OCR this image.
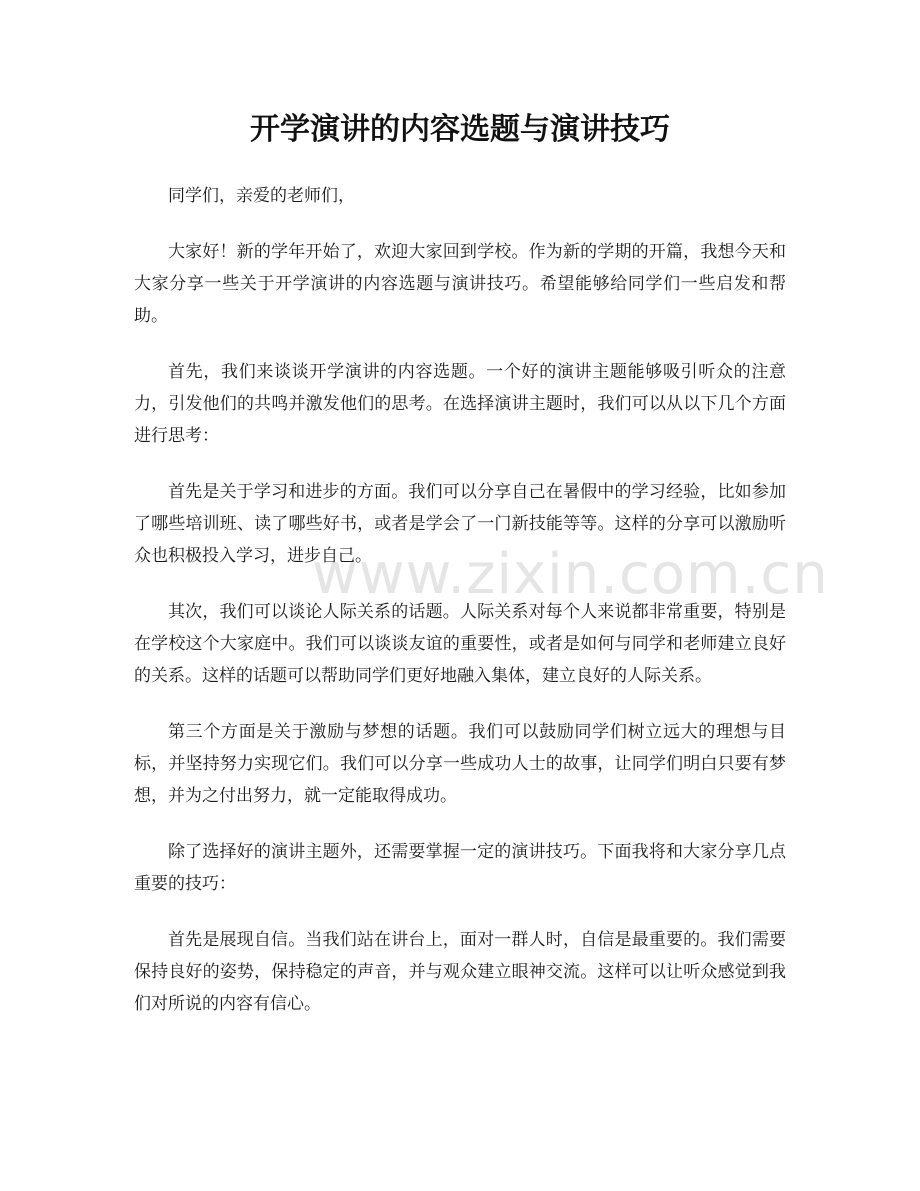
开学演讲的内容选题与演讲技巧

同学们，亲爱的老师们，

大家好！新的学年开始了，欢迎大家回到学校。作为新的学期的开篇，我想今天和大家分享一些关于开学演讲的内容选题与演讲技巧。希望能够给同学们一些启发和帮助。

首先，我们来谈谈开学演讲的内容选题。一个好的演讲主题能够吸引听众的注意力，引发他们的共鸣并激发他们的思考。在选择演讲主题时，我们可以从以下几个方面进行思考：

首先是关于学习和进步的方面。我们可以分享自己在暑假中的学习经验，比如参加了哪些培训班、读了哪些好书，或者是学会了一门新技能等等。这样的分享可以激励听众也积极投入学习，进步自己。

其次，我们可以谈论人际关系的话题。人际关系对每个人来说都非常重要，特别是在学校这个大家庭中。我们可以谈谈友谊的重要性，或者是如何与同学和老师建立良好的关系。这样的话题可以帮助同学们更好地融入集体，建立良好的人际关系。

第三个方面是关于激励与梦想的话题。我们可以鼓励同学们树立远大的理想与目标，并坚持努力实现它们。我们可以分享一些成功人士的故事，让同学们明白只要有梦想，并为之付出努力，就一定能取得成功。

除了选择好的演讲主题外，还需要掌握一定的演讲技巧。下面我将和大家分享几点重要的技巧：

首先是展现自信。当我们站在讲台上，面对一群人时，自信是最重要的。我们需要保持良好的姿势，保持稳定的声音，并与观众建立眼神交流。这样可以让听众感觉到我们对所说的内容有信心。

www.zixin.com.cn
